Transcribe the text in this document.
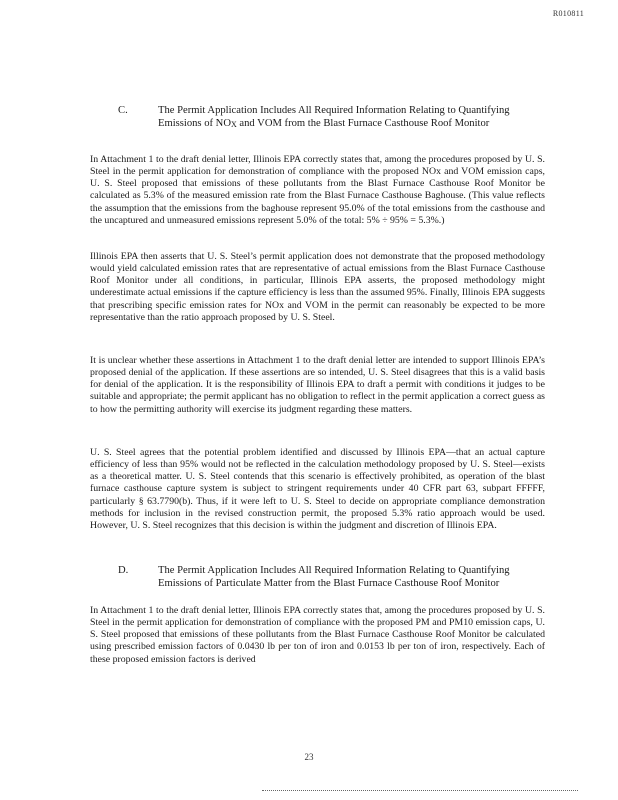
R010811
C.	The Permit Application Includes All Required Information Relating to Quantifying Emissions of $NO_X$ and VOM from the Blast Furnace Casthouse Roof Monitor

In Attachment 1 to the draft denial letter, Illinois EPA correctly states that, among the procedures proposed by U. S. Steel in the permit application for demonstration of compliance with the proposed NOx and VOM emission caps, U. S. Steel proposed that emissions of these pollutants from the Blast Furnace Casthouse Roof Monitor be calculated as 5.3% of the measured emission rate from the Blast Furnace Casthouse Baghouse. (This value reflects the assumption that the emissions from the baghouse represent 95.0% of the total emissions from the casthouse and the uncaptured and unmeasured emissions represent 5.0% of the total: 5% ÷ 95% = 5.3%.)

Illinois EPA then asserts that U. S. Steel’s permit application does not demonstrate that the proposed methodology would yield calculated emission rates that are representative of actual emissions from the Blast Furnace Casthouse Roof Monitor under all conditions, in particular, Illinois EPA asserts, the proposed methodology might underestimate actual emissions if the capture efficiency is less than the assumed 95%. Finally, Illinois EPA suggests that prescribing specific emission rates for NOx and VOM in the permit can reasonably be expected to be more representative than the ratio approach proposed by U. S. Steel.

It is unclear whether these assertions in Attachment 1 to the draft denial letter are intended to support Illinois EPA’s proposed denial of the application. If these assertions are so intended, U. S. Steel disagrees that this is a valid basis for denial of the application. It is the responsibility of Illinois EPA to draft a permit with conditions it judges to be suitable and appropriate; the permit applicant has no obligation to reflect in the permit application a correct guess as to how the permitting authority will exercise its judgment regarding these matters.

U. S. Steel agrees that the potential problem identified and discussed by Illinois EPA—that an actual capture efficiency of less than 95% would not be reflected in the calculation methodology proposed by U. S. Steel—exists as a theoretical matter. U. S. Steel contends that this scenario is effectively prohibited, as operation of the blast furnace casthouse capture system is subject to stringent requirements under 40 CFR part 63, subpart FFFFF, particularly § 63.7790(b). Thus, if it were left to U. S. Steel to decide on appropriate compliance demonstration methods for inclusion in the revised construction permit, the proposed 5.3% ratio approach would be used. However, U. S. Steel recognizes that this decision is within the judgment and discretion of Illinois EPA.

D.	The Permit Application Includes All Required Information Relating to Quantifying Emissions of Particulate Matter from the Blast Furnace Casthouse Roof Monitor

In Attachment 1 to the draft denial letter, Illinois EPA correctly states that, among the procedures proposed by U. S. Steel in the permit application for demonstration of compliance with the proposed PM and PM10 emission caps, U. S. Steel proposed that emissions of these pollutants from the Blast Furnace Casthouse Roof Monitor be calculated using prescribed emission factors of 0.0430 lb per ton of iron and 0.0153 lb per ton of iron, respectively. Each of these proposed emission factors is derived

23
